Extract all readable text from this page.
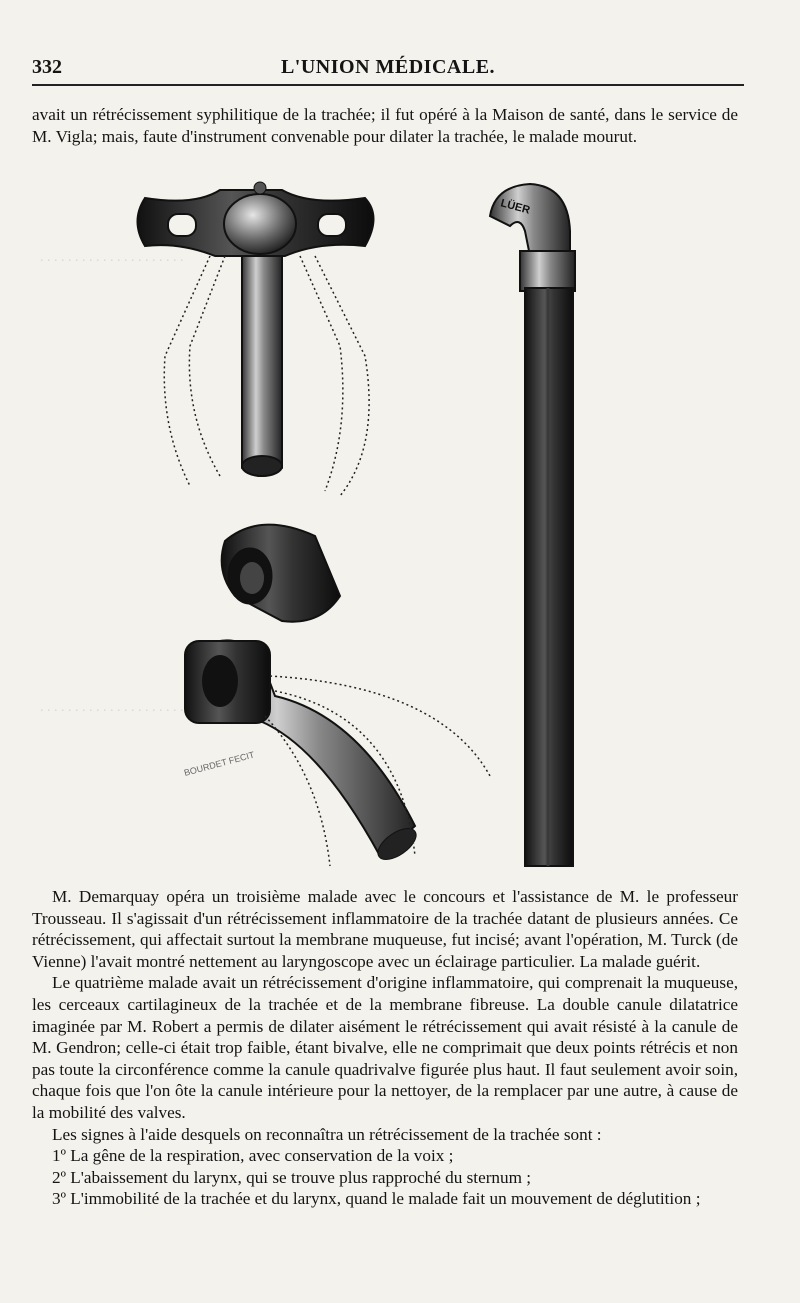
. . . . . . . . . . . . . . . . . . . . .
. . . . . . . . . . . . . . . . . . . . .
332	L'UNION MÉDICALE.

avait un rétrécissement syphilitique de la trachée; il fut opéré à la Maison de santé, dans le service de M. Vigla; mais, faute d'instrument convenable pour dilater la trachée, le malade mourut.

BOURDET FECIT
LÜER

M. Demarquay opéra un troisième malade avec le concours et l'assistance de M. le professeur Trousseau. Il s'agissait d'un rétrécissement inflammatoire de la trachée datant de plusieurs années. Ce rétrécissement, qui affectait surtout la membrane muqueuse, fut incisé; avant l'opération, M. Turck (de Vienne) l'avait montré nettement au laryngoscope avec un éclairage particulier. La malade guérit.

Le quatrième malade avait un rétrécissement d'origine inflammatoire, qui comprenait la muqueuse, les cerceaux cartilagineux de la trachée et de la membrane fibreuse. La double canule dilatatrice imaginée par M. Robert a permis de dilater aisément le rétrécissement qui avait résisté à la canule de M. Gendron; celle-ci était trop faible, étant bivalve, elle ne comprimait que deux points rétrécis et non pas toute la circonférence comme la canule quadrivalve figurée plus haut. Il faut seulement avoir soin, chaque fois que l'on ôte la canule intérieure pour la nettoyer, de la remplacer par une autre, à cause de la mobilité des valves.

Les signes à l'aide desquels on reconnaîtra un rétrécissement de la trachée sont :

1º La gêne de la respiration, avec conservation de la voix ;
2º L'abaissement du larynx, qui se trouve plus rapproché du sternum ;
3º L'immobilité de la trachée et du larynx, quand le malade fait un mouvement de déglutition ;
